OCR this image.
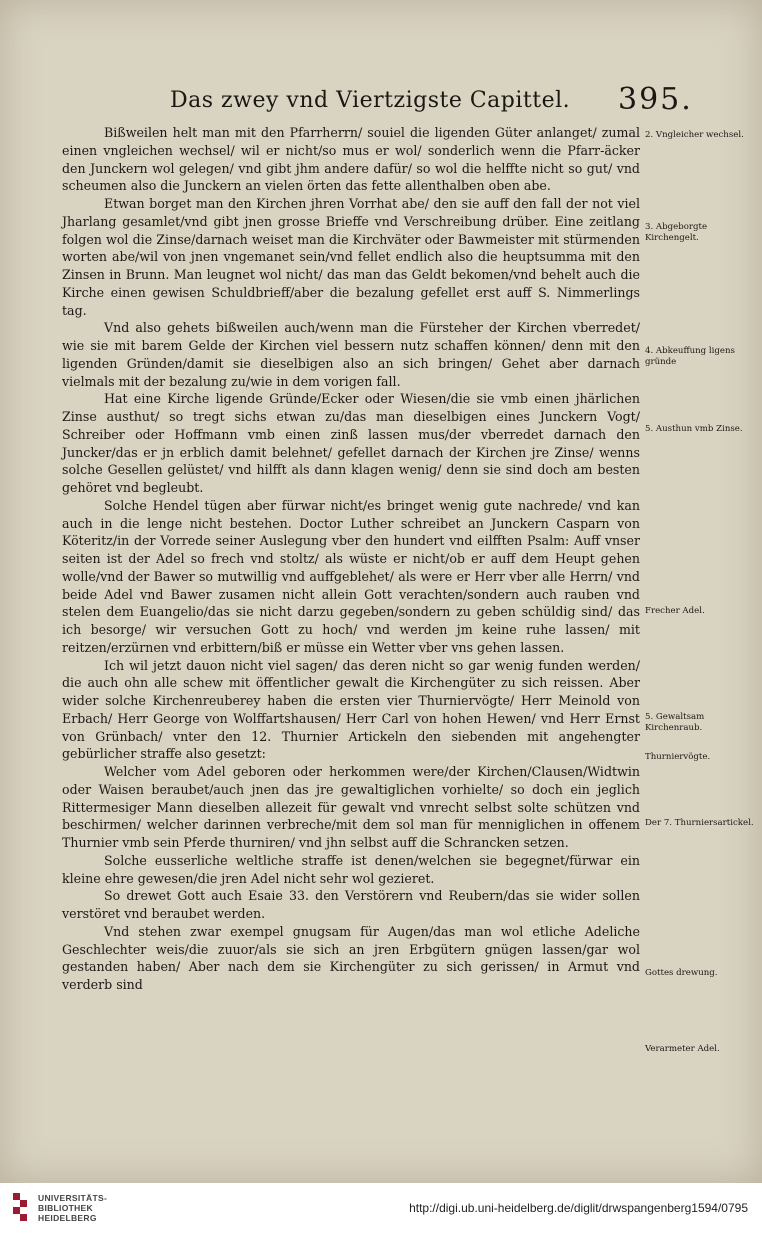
Das zwey vnd Viertzigste Capittel.	395.

Bißweilen helt man mit den Pfarrherrn/ souiel die ligenden Güter anlanget/ zumal einen vngleichen wechsel/ wil er nicht/so mus er wol/ sonderlich wenn die Pfarr-äcker den Junckern wol gelegen/ vnd gibt jhm andere dafür/ so wol die helffte nicht so gut/ vnd scheumen also die Junckern an vielen örten das fette allenthalben oben abe.

Etwan borget man den Kirchen jhren Vorrhat abe/ den sie auff den fall der not viel Jharlang gesamlet/vnd gibt jnen grosse Brieffe vnd Verschreibung drüber. Eine zeitlang folgen wol die Zinse/darnach weiset man die Kirchväter oder Bawmeister mit stürmenden worten abe/wil von jnen vngemanet sein/vnd fellet endlich also die heuptsumma mit den Zinsen in Brunn. Man leugnet wol nicht/ das man das Geldt bekomen/vnd behelt auch die Kirche einen gewisen Schuldbrieff/aber die bezalung gefellet erst auff S. Nimmerlings tag.

Vnd also gehets bißweilen auch/wenn man die Fürsteher der Kirchen vberredet/ wie sie mit barem Gelde der Kirchen viel bessern nutz schaffen können/ denn mit den ligenden Gründen/damit sie dieselbigen also an sich bringen/ Gehet aber darnach vielmals mit der bezalung zu/wie in dem vorigen fall.

Hat eine Kirche ligende Gründe/Ecker oder Wiesen/die sie vmb einen jhärlichen Zinse austhut/ so tregt sichs etwan zu/das man dieselbigen eines Junckern Vogt/ Schreiber oder Hoffmann vmb einen zinß lassen mus/der vberredet darnach den Juncker/das er jn erblich damit belehnet/ gefellet darnach der Kirchen jre Zinse/ wenns solche Gesellen gelüstet/ vnd hilfft als dann klagen wenig/ denn sie sind doch am besten gehöret vnd begleubt.

Solche Hendel tügen aber fürwar nicht/es bringet wenig gute nachrede/ vnd kan auch in die lenge nicht bestehen. Doctor Luther schreibet an Junckern Casparn von Köteritz/in der Vorrede seiner Auslegung vber den hundert vnd eilfften Psalm: Auff vnser seiten ist der Adel so frech vnd stoltz/ als wüste er nicht/ob er auff dem Heupt gehen wolle/vnd der Bawer so mutwillig vnd auffgeblehet/ als were er Herr vber alle Herrn/ vnd beide Adel vnd Bawer zusamen nicht allein Gott verachten/sondern auch rauben vnd stelen dem Euangelio/das sie nicht darzu gegeben/sondern zu geben schüldig sind/ das ich besorge/ wir versuchen Gott zu hoch/ vnd werden jm keine ruhe lassen/ mit reitzen/erzürnen vnd erbittern/biß er müsse ein Wetter vber vns gehen lassen.

Ich wil jetzt dauon nicht viel sagen/ das deren nicht so gar wenig funden werden/ die auch ohn alle schew mit öffentlicher gewalt die Kirchengüter zu sich reissen. Aber wider solche Kirchenreuberey haben die ersten vier Thurniervögte/ Herr Meinold von Erbach/ Herr George von Wolffartshausen/ Herr Carl von hohen Hewen/ vnd Herr Ernst von Grünbach/ vnter den 12. Thurnier Artickeln den siebenden mit angehengter gebürlicher straffe also gesetzt:

Welcher vom Adel geboren oder herkommen were/der Kirchen/Clausen/Widtwin oder Waisen beraubet/auch jnen das jre gewaltiglichen vorhielte/ so doch ein jeglich Rittermesiger Mann dieselben allezeit für gewalt vnd vnrecht selbst solte schützen vnd beschirmen/ welcher darinnen verbreche/mit dem sol man für menniglichen in offenem Thurnier vmb sein Pferde thurniren/ vnd jhn selbst auff die Schrancken setzen.

Solche eusserliche weltliche straffe ist denen/welchen sie begegnet/fürwar ein kleine ehre gewesen/die jren Adel nicht sehr wol gezieret.

So drewet Gott auch Esaie 33. den Verstörern vnd Reubern/das sie wider sollen verstöret vnd beraubet werden.

Vnd stehen zwar exempel gnugsam für Augen/das man wol etliche Adeliche Geschlechter weis/die zuuor/als sie sich an jren Erbgütern gnügen lassen/gar wol gestanden haben/ Aber nach dem sie Kirchengüter zu sich gerissen/ in Armut vnd verderb sind

2. Vngleicher wechsel.
3. Abgeborgte Kirchengelt.
4. Abkeuffung ligens gründe
5. Austhun vmb Zinse.
Frecher Adel.
5. Gewaltsam Kirchenraub.
Thurniervögte.
Der 7. Thurniersartickel.
Gottes drewung.
Verarmeter Adel.
UNIVERSITÄTS-
BIBLIOTHEK
HEIDELBERG
http://digi.ub.uni-heidelberg.de/diglit/drwspangenberg1594/0795
